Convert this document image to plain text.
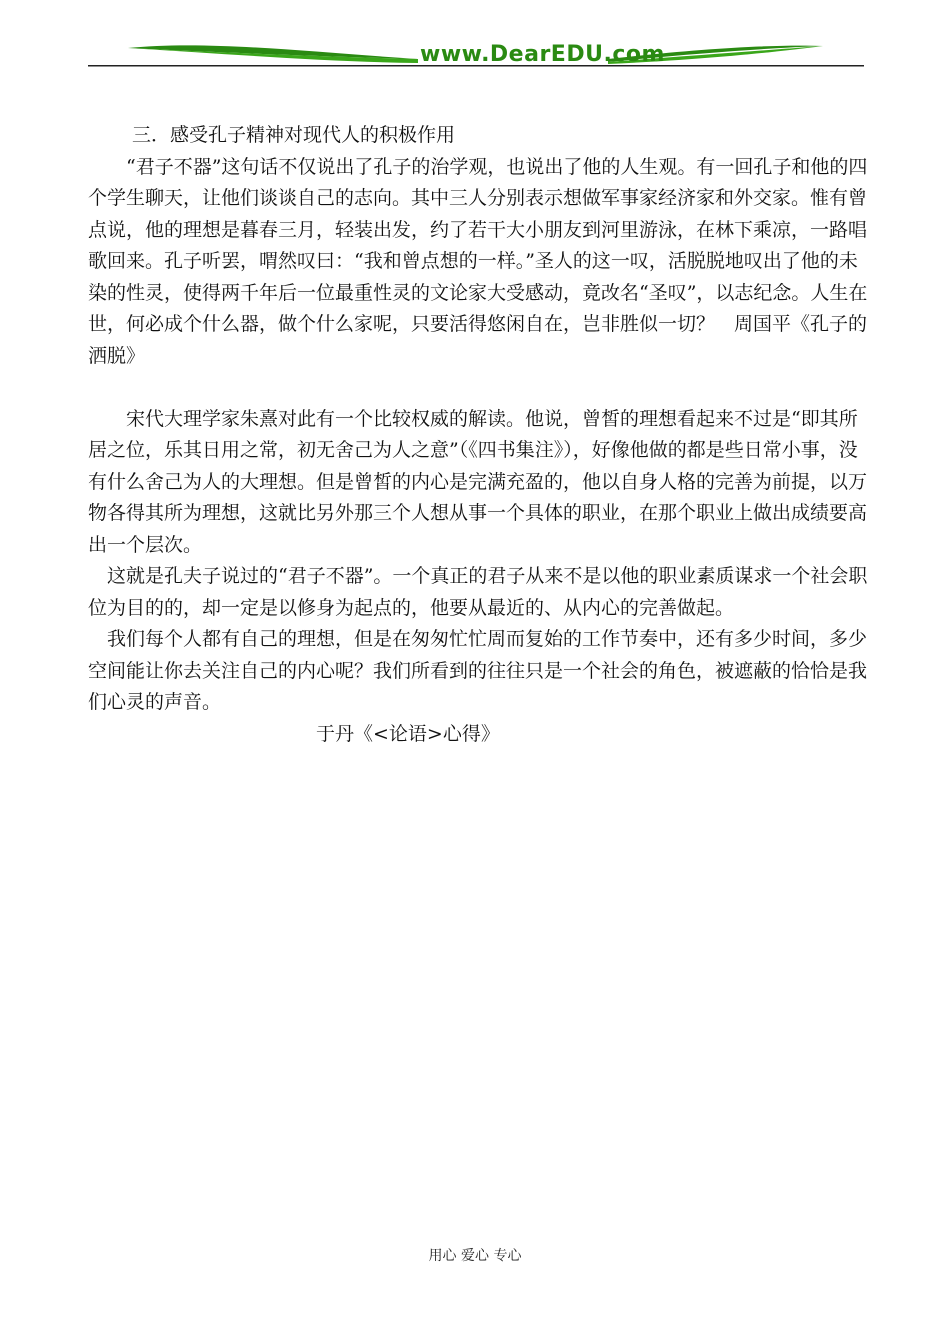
www.DearEDU.com

三．感受孔子精神对现代人的积极作用

“君子不器”这句话不仅说出了孔子的治学观，也说出了他的人生观。有一回孔子和他的四个学生聊天，让他们谈谈自己的志向。其中三人分别表示想做军事家经济家和外交家。惟有曾点说，他的理想是暮春三月，轻装出发，约了若干大小朋友到河里游泳，在林下乘凉，一路唱歌回来。孔子听罢，喟然叹曰：“我和曾点想的一样。”圣人的这一叹，活脱脱地叹出了他的未染的性灵，使得两千年后一位最重性灵的文论家大受感动，竟改名“圣叹”，以志纪念。人生在世，何必成个什么器，做个什么家呢，只要活得悠闲自在，岂非胜似一切？　周国平《孔子的洒脱》

宋代大理学家朱熹对此有一个比较权威的解读。他说，曾皙的理想看起来不过是“即其所居之位，乐其日用之常，初无舍己为人之意”（《四书集注》），好像他做的都是些日常小事，没有什么舍己为人的大理想。但是曾皙的内心是完满充盈的，他以自身人格的完善为前提，以万物各得其所为理想，这就比另外那三个人想从事一个具体的职业，在那个职业上做出成绩要高出一个层次。

这就是孔夫子说过的“君子不器”。一个真正的君子从来不是以他的职业素质谋求一个社会职位为目的的，却一定是以修身为起点的，他要从最近的、从内心的完善做起。

我们每个人都有自己的理想，但是在匆匆忙忙周而复始的工作节奏中，还有多少时间，多少空间能让你去关注自己的内心呢？我们所看到的往往只是一个社会的角色，被遮蔽的恰恰是我们心灵的声音。

于丹《<论语>心得》

用心 爱心 专心
